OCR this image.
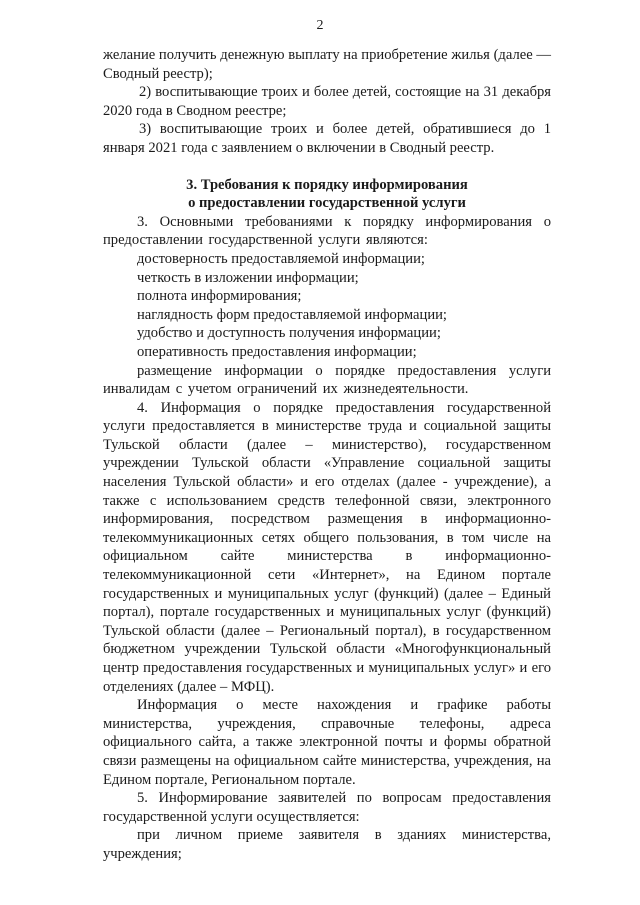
2

желание получить денежную выплату на приобретение жилья (далее — Сводный реестр);

2) воспитывающие троих и более детей, состоящие на 31 декабря 2020 года в Сводном реестре;

3) воспитывающие троих и более детей, обратившиеся до 1 января 2021 года с заявлением о включении в Сводный реестр.

3. Требования к порядку информирования
о предоставлении государственной услуги

3. Основными требованиями к порядку информирования о предоставлении государственной услуги являются:

достоверность предоставляемой информации;

четкость в изложении информации;

полнота информирования;

наглядность форм предоставляемой информации;

удобство и доступность получения информации;

оперативность предоставления информации;

размещение информации о порядке предоставления услуги инвалидам с учетом ограничений их жизнедеятельности.

4. Информация о порядке предоставления государственной услуги предоставляется в министерстве труда и социальной защиты Тульской области (далее – министерство), государственном учреждении Тульской области «Управление социальной защиты населения Тульской области» и его отделах (далее - учреждение), а также с использованием средств телефонной связи, электронного информирования, посредством размещения в информационно-телекоммуникационных сетях общего пользования, в том числе на официальном сайте министерства в информационно-телекоммуникационной сети «Интернет», на Едином портале государственных и муниципальных услуг (функций) (далее – Единый портал), портале государственных и муниципальных услуг (функций) Тульской области (далее – Региональный портал), в государственном бюджетном учреждении Тульской области «Многофункциональный центр предоставления государственных и муниципальных услуг» и его отделениях (далее – МФЦ).

Информация о месте нахождения и графике работы министерства, учреждения, справочные телефоны, адреса официального сайта, а также электронной почты и формы обратной связи размещены на официальном сайте министерства, учреждения, на Едином портале, Региональном портале.

5. Информирование заявителей по вопросам предоставления государственной услуги осуществляется:

при личном приеме заявителя в зданиях министерства, учреждения;
